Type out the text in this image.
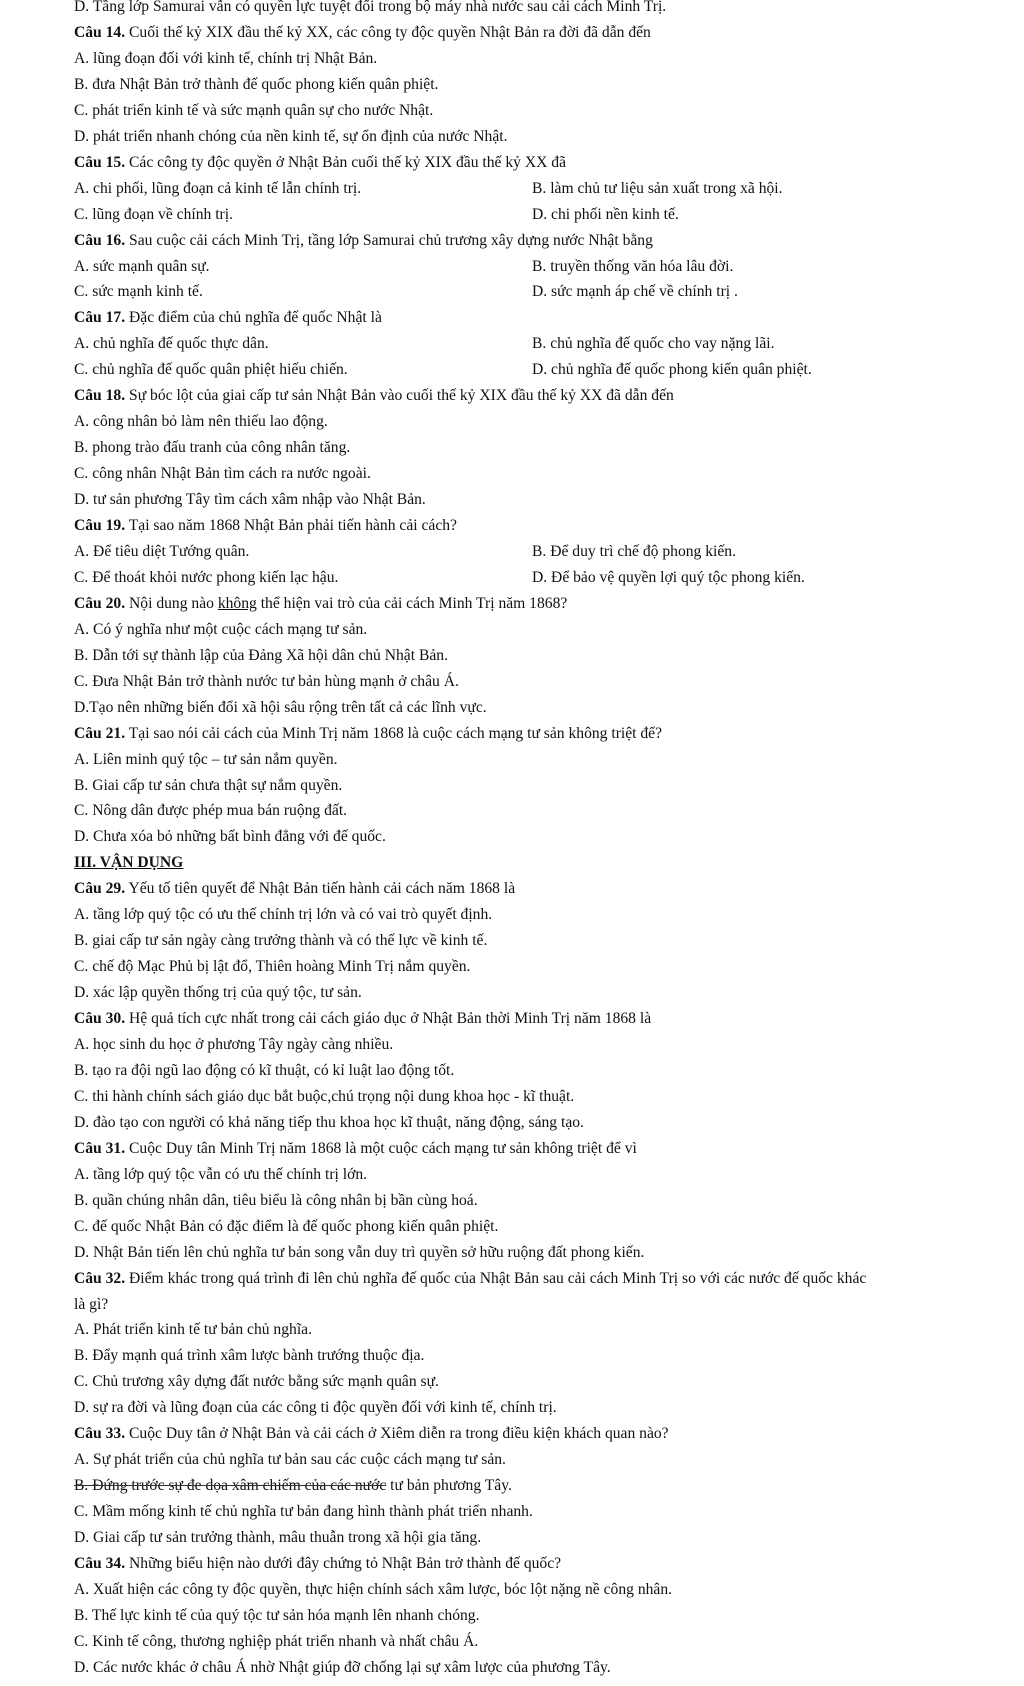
D. Tầng lớp Samurai vẫn có quyền lực tuyệt đối trong bộ máy nhà nước sau cải cách Minh Trị.
Câu 14. Cuối thế kỷ XIX đầu thế kỷ XX, các công ty độc quyền Nhật Bản ra đời đã dẫn đến
A. lũng đoạn đối với kinh tế, chính trị Nhật Bản.
B. đưa Nhật Bản trở thành đế quốc phong kiến quân phiệt.
C. phát triển kinh tế và sức mạnh quân sự cho nước Nhật.
D. phát triển nhanh chóng của nền kinh tế, sự ổn định của nước Nhật.
Câu 15. Các công ty độc quyền ở Nhật Bản cuối thế kỷ XIX đầu thế kỷ XX đã
A. chi phối, lũng đoạn cả kinh tế lẫn chính trị.	B. làm chủ tư liệu sản xuất trong xã hội.
C. lũng đoạn về chính trị.	D. chi phối nền kinh tế.
Câu 16. Sau cuộc cải cách Minh Trị, tầng lớp Samurai chủ trương xây dựng nước Nhật bằng
A. sức mạnh quân sự.	B. truyền thống văn hóa lâu đời.
C. sức mạnh kinh tế.	D. sức mạnh áp chế về chính trị .
Câu 17. Đặc điểm của chủ nghĩa đế quốc Nhật là
A. chủ nghĩa đế quốc thực dân.	B. chủ nghĩa đế quốc cho vay nặng lãi.
C. chủ nghĩa đế quốc quân phiệt hiếu chiến.	D. chủ nghĩa đế quốc phong kiến quân phiệt.
Câu 18. Sự bóc lột của giai cấp tư sản Nhật Bản vào cuối thế kỷ XIX đầu thế kỷ XX đã dẫn đến
A. công nhân bỏ làm nên thiếu lao động.
B. phong trào đấu tranh của công nhân tăng.
C. công nhân Nhật Bản tìm cách ra nước ngoài.
D. tư sản phương Tây tìm cách xâm nhập vào Nhật Bản.
Câu 19. Tại sao năm 1868 Nhật Bản phải tiến hành cải cách?
A. Để tiêu diệt Tướng quân.	B. Để duy trì chế độ phong kiến.
C. Để thoát khỏi nước phong kiến lạc hậu.	D. Để bảo vệ quyền lợi quý tộc phong kiến.
Câu 20. Nội dung nào không thể hiện vai trò của cải cách Minh Trị năm 1868?
A. Có ý nghĩa như một cuộc cách mạng tư sản.
B. Dẫn tới sự thành lập của Đảng Xã hội dân chủ Nhật Bản.
C. Đưa Nhật Bản trở thành nước tư bản hùng mạnh ở châu Á.
D.Tạo nên những biến đổi xã hội sâu rộng trên tất cả các lĩnh vực.
Câu 21. Tại sao nói cải cách của Minh Trị năm 1868 là cuộc cách mạng tư sản không triệt để?
A. Liên minh quý tộc – tư sản nắm quyền.
B. Giai cấp tư sản chưa thật sự nắm quyền.
C. Nông dân được phép mua bán ruộng đất.
D. Chưa xóa bỏ những bất bình đẳng với đế quốc.
III. VẬN DỤNG
Câu 29. Yếu tố tiên quyết để Nhật Bản tiến hành cải cách năm 1868 là
A. tầng lớp quý tộc có ưu thế chính trị lớn và có vai trò quyết định.
B. giai cấp tư sản ngày càng trưởng thành và có thế lực về kinh tế.
C. chế độ Mạc Phủ bị lật đổ, Thiên hoàng Minh Trị nắm quyền.
D. xác lập quyền thống trị của quý tộc, tư sản.
Câu 30. Hệ quả tích cực nhất trong cải cách giáo dục ở Nhật Bản thời Minh Trị năm 1868 là
A. học sinh du học ở phương Tây ngày càng nhiều.
B. tạo ra đội ngũ lao động có kĩ thuật, có kỉ luật lao động tốt.
C. thi hành chính sách giáo dục bắt buộc,chú trọng nội dung khoa học - kĩ thuật.
D. đào tạo con người có khả năng tiếp thu khoa học kĩ thuật, năng động, sáng tạo.
Câu 31. Cuộc Duy tân Minh Trị năm 1868 là một cuộc cách mạng tư sản không triệt để vì
A. tầng lớp quý tộc vẫn có ưu thế chính trị lớn.
B. quần chúng nhân dân, tiêu biểu là công nhân bị bần cùng hoá.
C. đế quốc Nhật Bản có đặc điểm là đế quốc phong kiến quân phiệt.
D. Nhật Bản tiến lên chủ nghĩa tư bản song vẫn duy trì quyền sở hữu ruộng đất phong kiến.
Câu 32. Điểm khác trong quá trình đi lên chủ nghĩa đế quốc của Nhật Bản sau cải cách Minh Trị so với các nước đế quốc khác
là gì?
A. Phát triển kinh tế tư bản chủ nghĩa.
B. Đẩy mạnh quá trình xâm lược bành trướng thuộc địa.
C. Chủ trương xây dựng đất nước bằng sức mạnh quân sự.
D. sự ra đời và lũng đoạn của các công ti độc quyền đối với kinh tế, chính trị.
Câu 33. Cuộc Duy tân ở Nhật Bản và cải cách ở Xiêm diễn ra trong điều kiện khách quan nào?
A. Sự phát triển của chủ nghĩa tư bản sau các cuộc cách mạng tư sản.
B. Đứng trước sự đe dọa xâm chiếm của các nước tư bản phương Tây.
C. Mầm mống kinh tế chủ nghĩa tư bản đang hình thành phát triển nhanh.
D. Giai cấp tư sản trưởng thành, mâu thuẫn trong xã hội gia tăng.
Câu 34. Những biểu hiện nào dưới đây chứng tỏ Nhật Bản trở thành đế quốc?
A. Xuất hiện các công ty độc quyền, thực hiện chính sách xâm lược, bóc lột nặng nề công nhân.
B. Thế lực kinh tế của quý tộc tư sản hóa mạnh lên nhanh chóng.
C. Kinh tế công, thương nghiệp phát triển nhanh và nhất châu Á.
D. Các nước khác ở châu Á nhờ Nhật giúp đỡ chống lại sự xâm lược của phương Tây.
